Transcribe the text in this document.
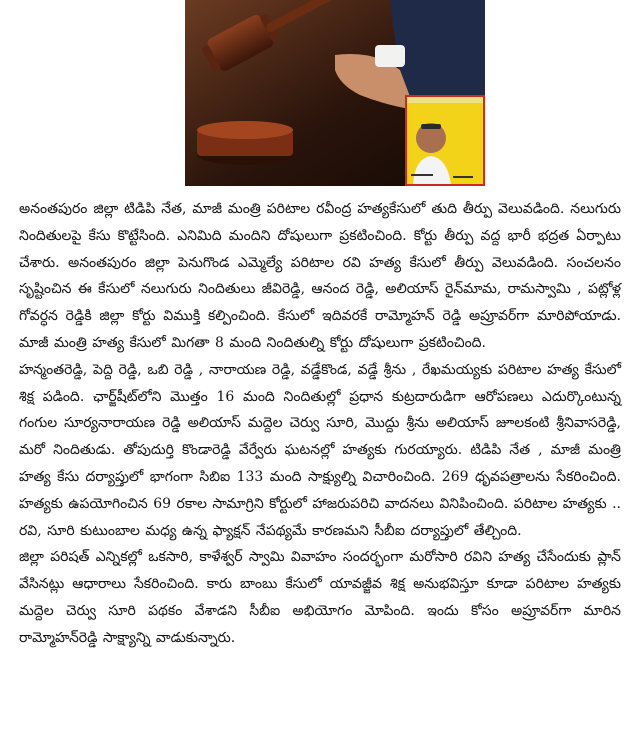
అనంతపురం జిల్లా టిడిపి నేత, మాజీ మంత్రి పరిటాల రవీంద్ర హత్యకేసులో తుది తీర్పు వెలువడింది. నలుగురు నిందితులపై కేసు కొట్టేసింది. ఎనిమిది మందిని దోషులుగా ప్రకటించింది. కోర్టు తీర్పు వద్ద భారీ భద్రత ఏర్పాటు చేశారు. అనంతపురం జిల్లా పెనుగొండ ఎమ్మెల్యే పరిటాల రవి హత్య కేసులో తీర్పు వెలువడింది. సంచలనం సృష్టించిన ఈ కేసులో నలుగురు నిందితులు జీవిరెడ్డి, ఆనంద రెడ్డి, అలియాస్ రైన్‌మామ, రామస్వామి , పట్లోళ్ల గోవర్ధన రెడ్డికి జిల్లా కోర్టు విముక్తి కల్పించింది. కేసులో ఇదివరకే రామ్మోహన్ రెడ్డి అప్రూవర్‌గా మారిపోయాడు. మాజీ మంత్రి హత్య కేసులో మిగతా 8 మంది నిందితుల్ని కోర్టు దోషులుగా ప్రకటించింది.

హన్మంతరెడ్డి, పెద్ది రెడ్డి, ఒబి రెడ్డి , నారాయణ రెడ్డి, వడ్డేకొండ, వడ్డే శ్రీను , రేఖమయ్యకు పరిటాల హత్య కేసులో శిక్ష పడింది. ఛార్జ్‌షీట్‌లోని మొత్తం 16 మంది నిందితుల్లో ప్రధాన కుట్రదారుడిగా ఆరోపణలు ఎదుర్కొంటున్న గంగుల సూర్యనారాయణ రెడ్డి అలియాస్ మద్దెల చెర్వు సూరి, మొద్దు శ్రీను అలియాస్ జూలకంటి శ్రీనివాసరెడ్డి, మరో నిందితుడు. తోపుదుర్తి కొండారెడ్డి వేర్వేరు ఘటనల్లో హత్యకు గురయ్యారు. టిడిపి నేత , మాజీ మంత్రి హత్య కేసు దర్యాప్తులో భాగంగా సిబిఐ 133 మంది సాక్ష్యుల్ని విచారించింది. 269 ధృవపత్రాలను సేకరించింది. హత్యకు ఉపయోగించిన 69 రకాల సామాగ్రిని కోర్టులో హాజరుపరిచి వాదనలు వినిపించింది. పరిటాల హత్యకు .. రవి, సూరి కుటుంబాల మధ్య ఉన్న ఫ్యాక్షన్ నేపథ్యమే కారణమని సీబీఐ దర్యాప్తులో తేల్చింది.

జిల్లా పరిషత్ ఎన్నికల్లో ఒకసారి, కాళేశ్వర్ స్వామి వివాహం సందర్భంగా మరోసారి రవిని హత్య చేసేందుకు ప్లాన్ వేసినట్లు ఆధారాలు సేకరించింది. కారు బాంబు కేసులో యావజ్జీవ శిక్ష అనుభవిస్తూ కూడా పరిటాల హత్యకు మద్దెల చెర్వు సూరి పథకం వేశాడని సీబీఐ అభియోగం మోపింది. ఇందు కోసం అప్రూవర్‌గా మారిన రామ్మోహన్‌రెడ్డి సాక్ష్యాన్ని వాడుకున్నారు.
